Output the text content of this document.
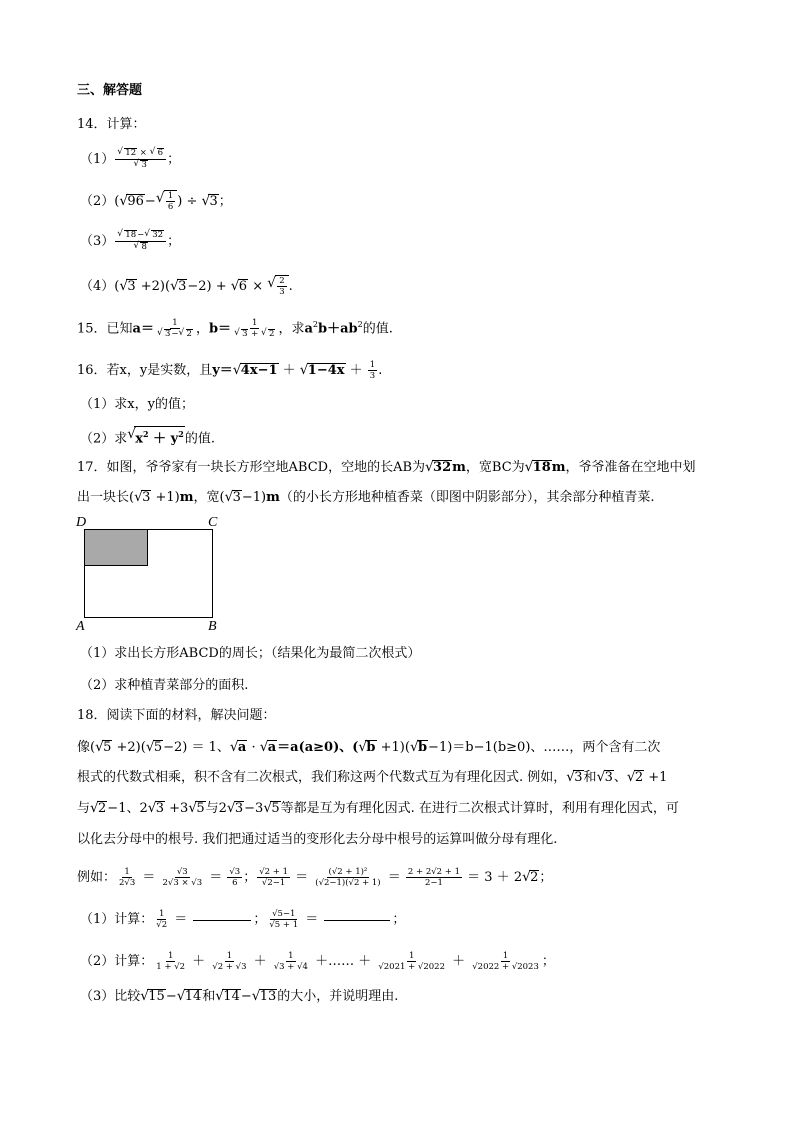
三、解答题
14．计算：
（1）
√ 12 × √ 6
√ 3 ；
（2）(√ 96−
√ $\frac{1}{6}$ ) ÷ √ 3；
（3）
√ 18−√ 32
√ 8 ；
（4）(√ 3 +2)(√ 3−2) + √ 6 ×
√ $\frac{2}{3}$ .
15．已知a＝ 1
√ 3−√ 2 ，b＝ 1
√ 3 + √ 2 ，求$a^2b+ab^2$的值.
16．若x，y是实数，且y＝√ 4x−1 ＋ √ $1-4x + \frac{1}{3}$ .
（1）求x，y的值；
（2）求√ $x^2 + y^2$的值.
17．如图，爷爷家有一块长方形空地ABCD，空地的长AB为√ 32m，宽BC为√ 18m，爷爷准备在空地中划
出一块长(√ 3 +1)m，宽(√ 3−1)m（的小长方形地种植香菜（即图中阴影部分），其余部分种植青菜.
D	C
A	B
（1）求出长方形ABCD的周长；（结果化为最简二次根式）
（2）求种植青菜部分的面积.
18．阅读下面的材料，解决问题：
像(√ 5 +2)(√ 5−2) ＝ 1、√ a · √ a＝a(a≥0)、(√ b +1)(√ b−1)＝b−1(b≥0)、……，两个含有二次
根式的代数式相乘，积不含有二次根式，我们称这两个代数式互为有理化因式. 例如，√ 3和√ 3、√ 2 +1
与√ 2−1、2√ 3 +3√ 5与2√ 3−3√ 5等都是互为有理化因式. 在进行二次根式计算时，利用有理化因式，可
以化去分母中的根号. 我们把通过适当的变形化去分母中根号的运算叫做分母有理化.
例如： $\frac{1}{2√3} = \frac{√3}{2√3 \times √3} = \frac{√3}{6}$ ； $\frac{√2 + 1}{√2-1} = \frac{\text{(√2 + 1)²}}{(√2-1)(√2 + 1)} = \frac{2 + 2√2 + 1}{2-1} = 3 + 2√$ 2；
（1）计算： $\frac{1}{√2}$ ＝	； $\frac{√5-1}{√5 + 1}$ ＝	；
（2）计算： $\frac{1}{1 + √2} + \frac{1}{√2 + √3} + \frac{1}{√3 + √4}$ ＋…… ＋ $\frac{1}{√2021 + √2022} + \frac{1}{√2022 + √2023}$ ；
（3）比较√ 15−√ 14和√ 14−√ 13的大小，并说明理由.
